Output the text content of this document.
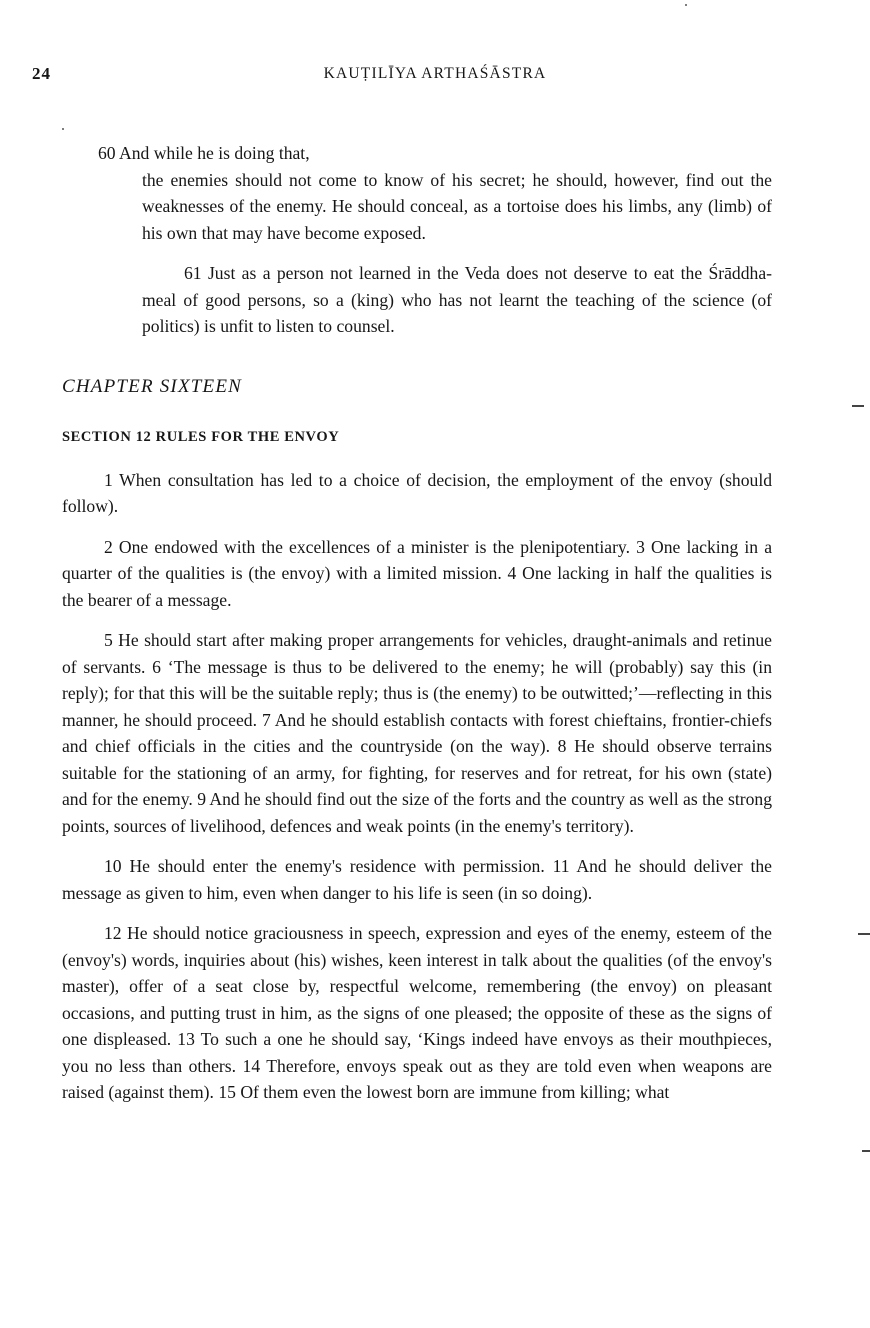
24	KAUṬILĪYA ARTHAŚĀSTRA

60 And while he is doing that,

the enemies should not come to know of his secret; he should, however, find out the weaknesses of the enemy. He should conceal, as a tortoise does his limbs, any (limb) of his own that may have become exposed.

61 Just as a person not learned in the Veda does not deserve to eat the Śrāddha-meal of good persons, so a (king) who has not learnt the teaching of the science (of politics) is unfit to listen to counsel.

CHAPTER SIXTEEN
SECTION 12 RULES FOR THE ENVOY

1 When consultation has led to a choice of decision, the employment of the envoy (should follow).

2 One endowed with the excellences of a minister is the plenipotentiary. 3 One lacking in a quarter of the qualities is (the envoy) with a limited mission. 4 One lacking in half the qualities is the bearer of a message.

5 He should start after making proper arrangements for vehicles, draught-animals and retinue of servants. 6 ‘The message is thus to be delivered to the enemy; he will (probably) say this (in reply); for that this will be the suitable reply; thus is (the enemy) to be outwitted;’—reflecting in this manner, he should proceed. 7 And he should establish contacts with forest chieftains, frontier-chiefs and chief officials in the cities and the countryside (on the way). 8 He should observe terrains suitable for the stationing of an army, for fighting, for reserves and for retreat, for his own (state) and for the enemy. 9 And he should find out the size of the forts and the country as well as the strong points, sources of livelihood, defences and weak points (in the enemy's territory).

10 He should enter the enemy's residence with permission. 11 And he should deliver the message as given to him, even when danger to his life is seen (in so doing).

12 He should notice graciousness in speech, expression and eyes of the enemy, esteem of the (envoy's) words, inquiries about (his) wishes, keen interest in talk about the qualities (of the envoy's master), offer of a seat close by, respectful welcome, remembering (the envoy) on pleasant occasions, and putting trust in him, as the signs of one pleased; the opposite of these as the signs of one displeased. 13 To such a one he should say, ‘Kings indeed have envoys as their mouthpieces, you no less than others. 14 Therefore, envoys speak out as they are told even when weapons are raised (against them). 15 Of them even the lowest born are immune from killing; what
